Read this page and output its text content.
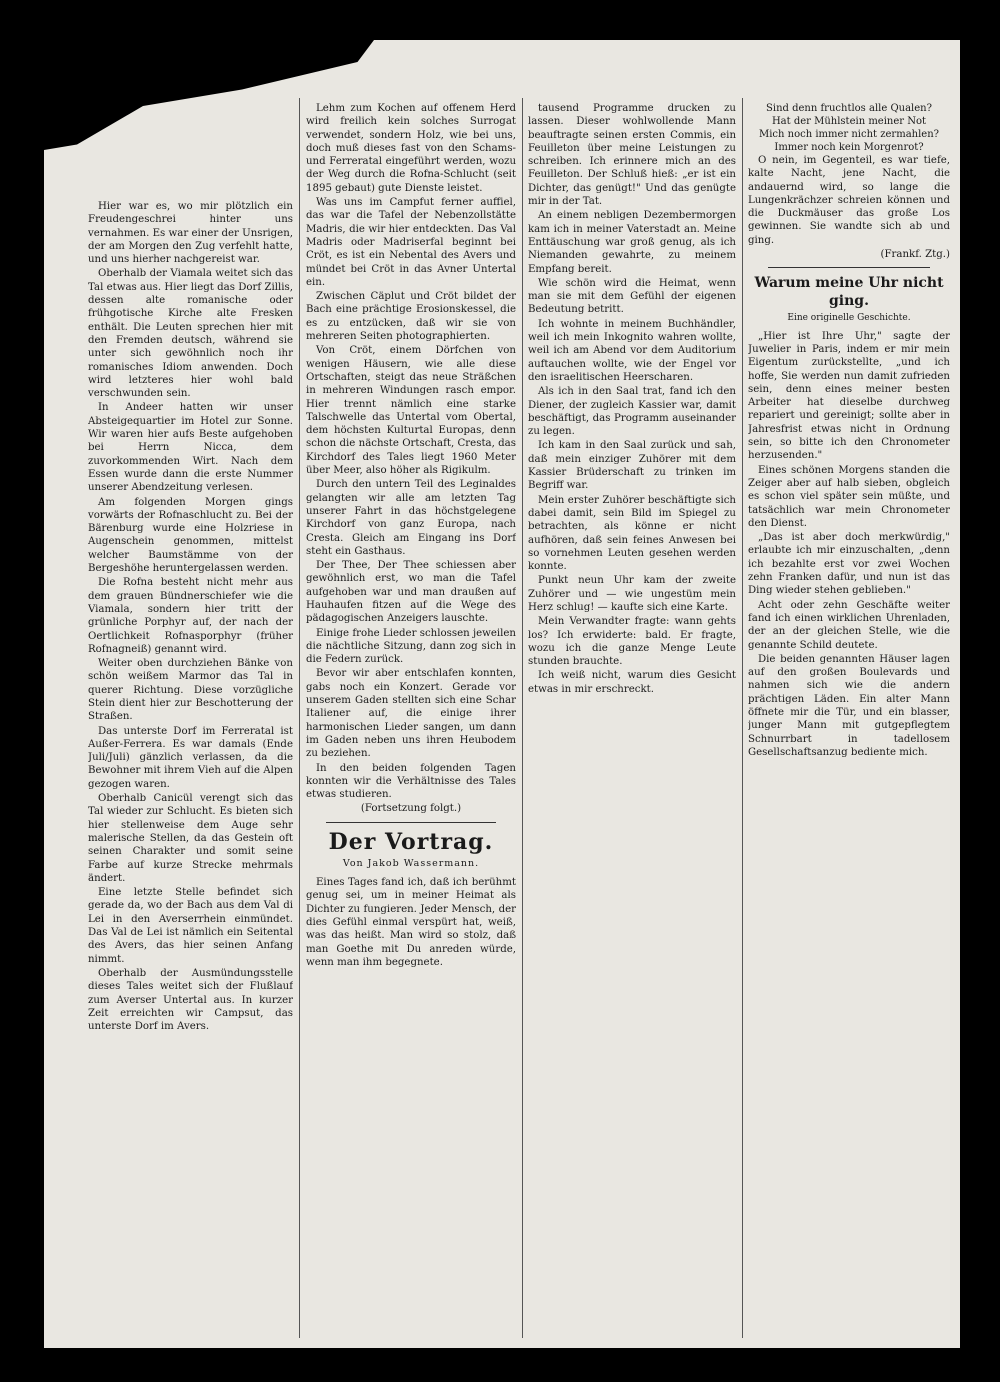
Hier war es, wo mir plötzlich ein Freudengeschrei hinter uns vernahmen. Es war einer der Unsrigen, der am Morgen den Zug verfehlt hatte, und uns hierher nachgereist war.

Oberhalb der Viamala weitet sich das Tal etwas aus. Hier liegt das Dorf Zillis, dessen alte romanische oder frühgotische Kirche alte Fresken enthält. Die Leuten sprechen hier mit den Fremden deutsch, während sie unter sich gewöhnlich noch ihr romanisches Idiom anwenden. Doch wird letzteres hier wohl bald verschwunden sein.

In Andeer hatten wir unser Absteigequartier im Hotel zur Sonne. Wir waren hier aufs Beste aufgehoben bei Herrn Nicca, dem zuvorkommenden Wirt. Nach dem Essen wurde dann die erste Nummer unserer Abendzeitung verlesen.

Am folgenden Morgen gings vorwärts der Rofnaschlucht zu. Bei der Bärenburg wurde eine Holzriese in Augenschein genommen, mittelst welcher Baumstämme von der Bergeshöhe heruntergelassen werden.

Die Rofna besteht nicht mehr aus dem grauen Bündnerschiefer wie die Viamala, sondern hier tritt der grünliche Porphyr auf, der nach der Oertlichkeit Rofnasporphyr (früher Rofnagneiß) genannt wird.

Weiter oben durchziehen Bänke von schön weißem Marmor das Tal in querer Richtung. Diese vorzügliche Stein dient hier zur Beschotterung der Straßen.

Das unterste Dorf im Ferreratal ist Außer-Ferrera. Es war damals (Ende Juli/Juli) gänzlich verlassen, da die Bewohner mit ihrem Vieh auf die Alpen gezogen waren.

Oberhalb Canicül verengt sich das Tal wieder zur Schlucht. Es bieten sich hier stellenweise dem Auge sehr malerische Stellen, da das Gestein oft seinen Charakter und somit seine Farbe auf kurze Strecke mehrmals ändert.

Eine letzte Stelle befindet sich gerade da, wo der Bach aus dem Val di Lei in den Averserrhein einmündet. Das Val de Lei ist nämlich ein Seitental des Avers, das hier seinen Anfang nimmt.

Oberhalb der Ausmündungsstelle dieses Tales weitet sich der Flußlauf zum Averser Untertal aus. In kurzer Zeit erreichten wir Campsut, das unterste Dorf im Avers.

Lehm zum Kochen auf offenem Herd wird freilich kein solches Surrogat verwendet, sondern Holz, wie bei uns, doch muß dieses fast von den Schams- und Ferreratal eingeführt werden, wozu der Weg durch die Rofna-Schlucht (seit 1895 gebaut) gute Dienste leistet.

Was uns im Campfut ferner auffiel, das war die Tafel der Nebenzollstätte Madris, die wir hier entdeckten. Das Val Madris oder Madriserfal beginnt bei Cröt, es ist ein Nebental des Avers und mündet bei Cröt in das Avner Untertal ein.

Zwischen Cäplut und Cröt bildet der Bach eine prächtige Erosionskessel, die es zu entzücken, daß wir sie von mehreren Seiten photographierten.

Von Cröt, einem Dörfchen von wenigen Häusern, wie alle diese Ortschaften, steigt das neue Sträßchen in mehreren Windungen rasch empor. Hier trennt nämlich eine starke Talschwelle das Untertal vom Obertal, dem höchsten Kulturtal Europas, denn schon die nächste Ortschaft, Cresta, das Kirchdorf des Tales liegt 1960 Meter über Meer, also höher als Rigikulm.

Durch den untern Teil des Leginaldes gelangten wir alle am letzten Tag unserer Fahrt in das höchstgelegene Kirchdorf von ganz Europa, nach Cresta. Gleich am Eingang ins Dorf steht ein Gasthaus.

Der Thee, Der Thee schiessen aber gewöhnlich erst, wo man die Tafel aufgehoben war und man draußen auf Hauhaufen fitzen auf die Wege des pädagogischen Anzeigers lauschte.

Einige frohe Lieder schlossen jeweilen die nächtliche Sitzung, dann zog sich in die Federn zurück.

Bevor wir aber entschlafen konnten, gabs noch ein Konzert. Gerade vor unserem Gaden stellten sich eine Schar Italiener auf, die einige ihrer harmonischen Lieder sangen, um dann im Gaden neben uns ihren Heubodem zu beziehen.

In den beiden folgenden Tagen konnten wir die Verhältnisse des Tales etwas studieren.

(Fortsetzung folgt.)

Der Vortrag.
Von Jakob Wassermann.

Eines Tages fand ich, daß ich berühmt genug sei, um in meiner Heimat als Dichter zu fungieren. Jeder Mensch, der dies Gefühl einmal verspürt hat, weiß, was das heißt. Man wird so stolz, daß man Goethe mit Du anreden würde, wenn man ihm begegnete.

tausend Programme drucken zu lassen. Dieser wohlwollende Mann beauftragte seinen ersten Commis, ein Feuilleton über meine Leistungen zu schreiben. Ich erinnere mich an des Feuilleton. Der Schluß hieß: „er ist ein Dichter, das genügt!" Und das genügte mir in der Tat.

An einem nebligen Dezembermorgen kam ich in meiner Vaterstadt an. Meine Enttäuschung war groß genug, als ich Niemanden gewahrte, zu meinem Empfang bereit.

Wie schön wird die Heimat, wenn man sie mit dem Gefühl der eigenen Bedeutung betritt.

Ich wohnte in meinem Buchhändler, weil ich mein Inkognito wahren wollte, weil ich am Abend vor dem Auditorium auftauchen wollte, wie der Engel vor den israelitischen Heerscharen.

Als ich in den Saal trat, fand ich den Diener, der zugleich Kassier war, damit beschäftigt, das Programm auseinander zu legen.

Ich kam in den Saal zurück und sah, daß mein einziger Zuhörer mit dem Kassier Brüderschaft zu trinken im Begriff war.

Mein erster Zuhörer beschäftigte sich dabei damit, sein Bild im Spiegel zu betrachten, als könne er nicht aufhören, daß sein feines Anwesen bei so vornehmen Leuten gesehen werden konnte.

Punkt neun Uhr kam der zweite Zuhörer und — wie ungestüm mein Herz schlug! — kaufte sich eine Karte.

Mein Verwandter fragte: wann gehts los? Ich erwiderte: bald. Er fragte, wozu ich die ganze Menge Leute stunden brauchte.

Ich weiß nicht, warum dies Gesicht etwas in mir erschreckt.

Sind denn fruchtlos alle Qualen?
Hat der Mühlstein meiner Not
Mich noch immer nicht zermahlen?
Immer noch kein Morgenrot?

O nein, im Gegenteil, es war tiefe, kalte Nacht, jene Nacht, die andauernd wird, so lange die Lungenkrächzer schreien können und die Duckmäuser das große Los gewinnen. Sie wandte sich ab und ging.

(Frankf. Ztg.)
Warum meine Uhr nicht ging.
Eine originelle Geschichte.

„Hier ist Ihre Uhr," sagte der Juwelier in Paris, indem er mir mein Eigentum zurückstellte, „und ich hoffe, Sie werden nun damit zufrieden sein, denn eines meiner besten Arbeiter hat dieselbe durchweg repariert und gereinigt; sollte aber in Jahresfrist etwas nicht in Ordnung sein, so bitte ich den Chronometer herzusenden."

Eines schönen Morgens standen die Zeiger aber auf halb sieben, obgleich es schon viel später sein müßte, und tatsächlich war mein Chronometer den Dienst.

„Das ist aber doch merkwürdig," erlaubte ich mir einzuschalten, „denn ich bezahlte erst vor zwei Wochen zehn Franken dafür, und nun ist das Ding wieder stehen geblieben."

Acht oder zehn Geschäfte weiter fand ich einen wirklichen Uhrenladen, der an der gleichen Stelle, wie die genannte Schild deutete.

Die beiden genannten Häuser lagen auf den großen Boulevards und nahmen sich wie die andern prächtigen Läden. Ein alter Mann öffnete mir die Tür, und ein blasser, junger Mann mit gutgepflegtem Schnurrbart in tadellosem Gesellschaftsanzug bediente mich.
